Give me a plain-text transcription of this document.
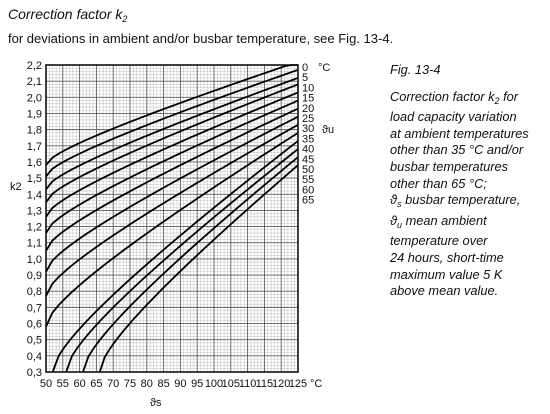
Correction factor $k_2$
for deviations in ambient and/or busbar temperature, see Fig. 13-4.
0
5
10
15
20
25
30
35
40
45
50
55
60
65
°C
ϑu
0,3
0,4
0,5
0,6
0,7
0,8
0,9
1,0
1,1
1,2
1,3
1,4
1,5
1,6
1,7
1,8
1,9
2,0
2,1
2,2
50 55 60 65 70 75 80 85 90 95 100
105
110 115
120
125 °C
ϑs
k2
Fig. 13-4
Correction factor $k_2$ for
load capacity variation
at ambient temperatures
other than 35 °C and/or
busbar temperatures
other than 65 °C;
$ϑ_s$ busbar temperature,
$ϑ_u$ mean ambient
temperature over
24 hours, short-time
maximum value 5 K
above mean value.
